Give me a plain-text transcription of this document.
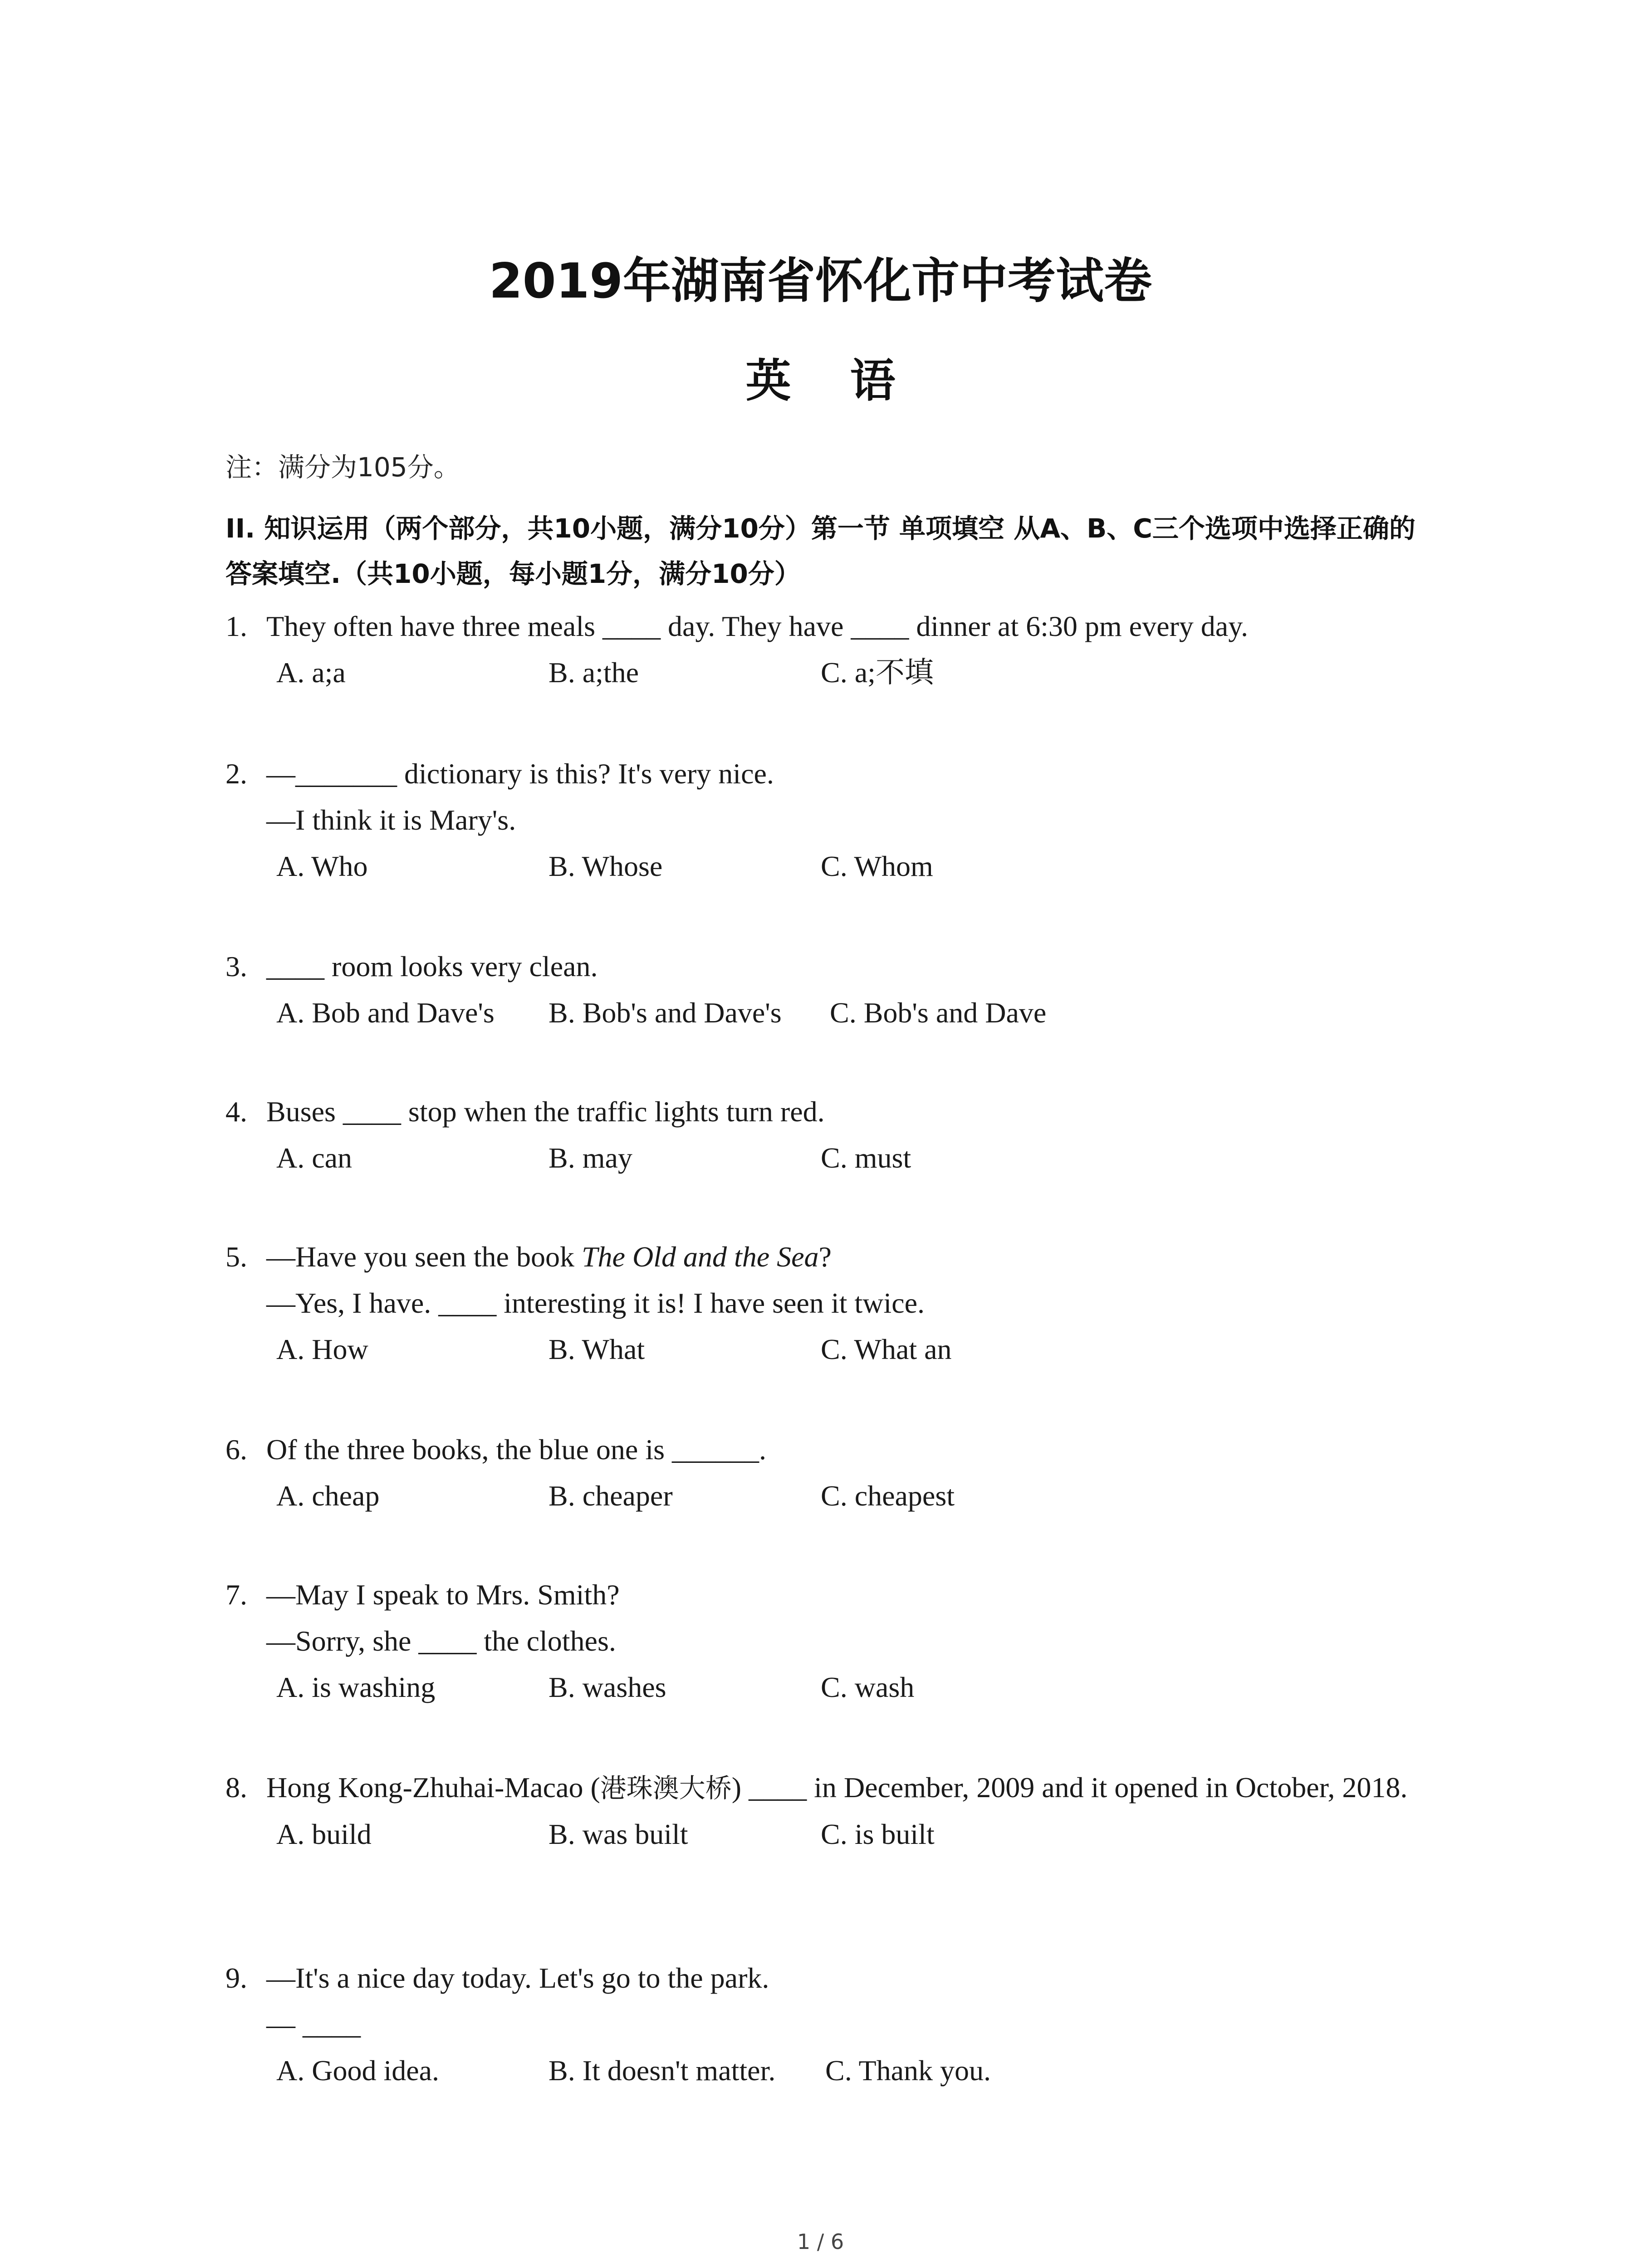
2019年湖南省怀化市中考试卷
英语
注：满分为105分。
II. 知识运用（两个部分，共10小题，满分10分）第一节 单项填空 从A、B、C三个选项中选择正确的答案填空.（共10小题，每小题1分，满分10分）
1. They often have three meals ____ day. They have ____ dinner at 6:30 pm every day.
A. a;a	B. a;the	C. a;不填
2. —_______ dictionary is this? It's very nice.
—I think it is Mary's.
A. Who	B. Whose	C. Whom
3. ____ room looks very clean.
A. Bob and Dave's B. Bob's and Dave's C. Bob's and Dave
4. Buses ____ stop when the traffic lights turn red.
A. can	B. may	C. must
5. —Have you seen the book The Old and the Sea?
—Yes, I have. ____ interesting it is! I have seen it twice.
A. How	B. What	C. What an
6. Of the three books, the blue one is ______.
A. cheap	B. cheaper	C. cheapest
7. —May I speak to Mrs. Smith?
—Sorry, she ____ the clothes.
A. is washing	B. washes	C. wash
8. Hong Kong-Zhuhai-Macao (港珠澳大桥) ____ in December, 2009 and it opened in October, 2018.
A. build	B. was built	C. is built
9. —It's a nice day today. Let's go to the park.
— ____
A. Good idea.	B. It doesn't matter. C. Thank you.
1 / 6
